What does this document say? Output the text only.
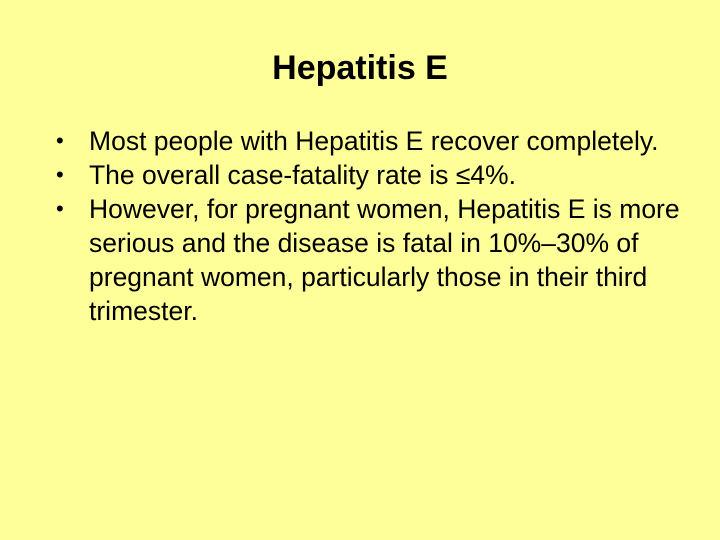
Hepatitis E
• Most people with Hepatitis E recover completely.
• The overall case-fatality rate is ≤4%.
• However, for pregnant women, Hepatitis E is more serious and the disease is fatal in 10%–30% of pregnant women, particularly those in their third trimester.
